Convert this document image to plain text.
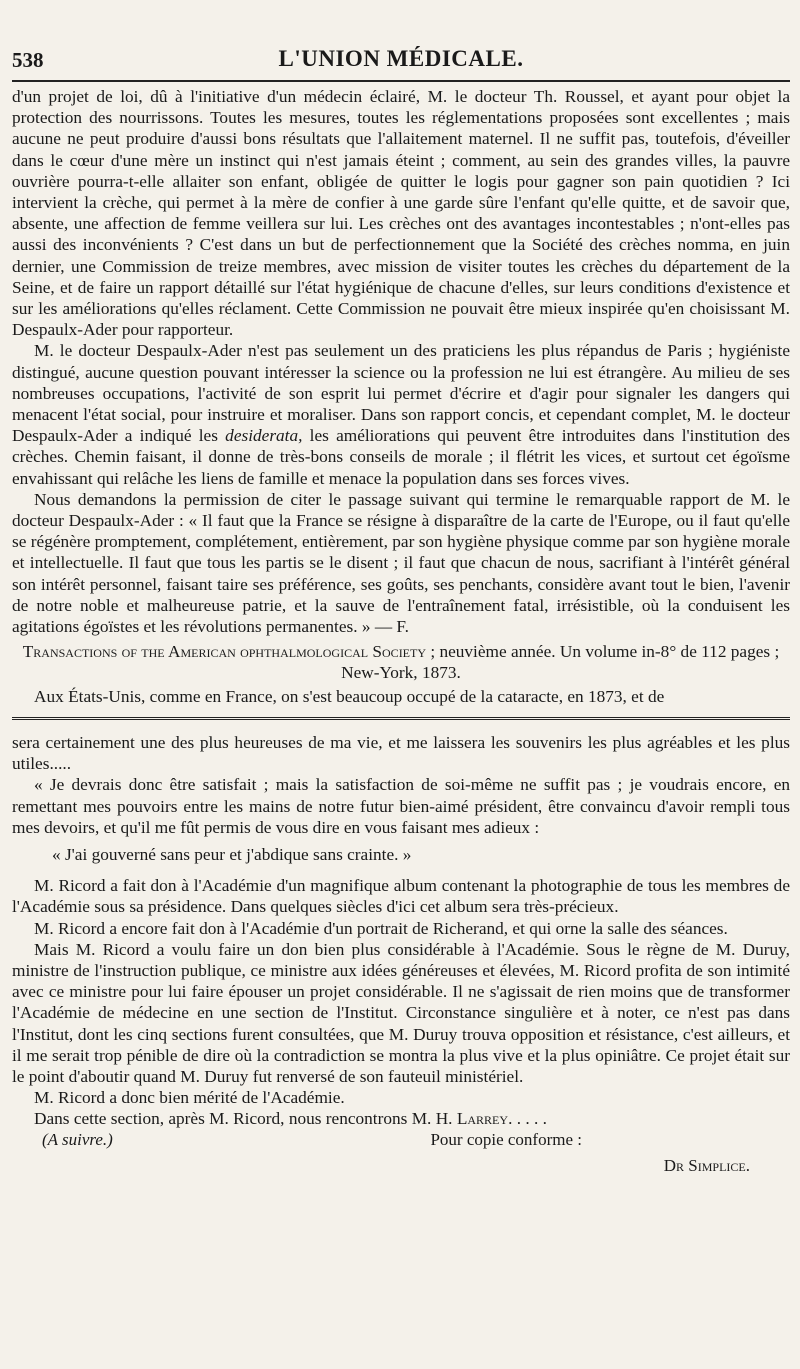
538	L'UNION MÉDICALE.

d'un projet de loi, dû à l'initiative d'un médecin éclairé, M. le docteur Th. Roussel, et ayant pour objet la protection des nourrissons. Toutes les mesures, toutes les réglementations proposées sont excellentes ; mais aucune ne peut produire d'aussi bons résultats que l'allaitement maternel. Il ne suffit pas, toutefois, d'éveiller dans le cœur d'une mère un instinct qui n'est jamais éteint ; comment, au sein des grandes villes, la pauvre ouvrière pourra-t-elle allaiter son enfant, obligée de quitter le logis pour gagner son pain quotidien ? Ici intervient la crèche, qui permet à la mère de confier à une garde sûre l'enfant qu'elle quitte, et de savoir que, absente, une affection de femme veillera sur lui. Les crèches ont des avantages incontestables ; n'ont-elles pas aussi des inconvénients ? C'est dans un but de perfectionnement que la Société des crèches nomma, en juin dernier, une Commission de treize membres, avec mission de visiter toutes les crèches du département de la Seine, et de faire un rapport détaillé sur l'état hygiénique de chacune d'elles, sur leurs conditions d'existence et sur les améliorations qu'elles réclament. Cette Commission ne pouvait être mieux inspirée qu'en choisissant M. Despaulx-Ader pour rapporteur.

M. le docteur Despaulx-Ader n'est pas seulement un des praticiens les plus répandus de Paris ; hygiéniste distingué, aucune question pouvant intéresser la science ou la profession ne lui est étrangère. Au milieu de ses nombreuses occupations, l'activité de son esprit lui permet d'écrire et d'agir pour signaler les dangers qui menacent l'état social, pour instruire et moraliser. Dans son rapport concis, et cependant complet, M. le docteur Despaulx-Ader a indiqué les desiderata, les améliorations qui peuvent être introduites dans l'institution des crèches. Chemin faisant, il donne de très-bons conseils de morale ; il flétrit les vices, et surtout cet égoïsme envahissant qui relâche les liens de famille et menace la population dans ses forces vives.

Nous demandons la permission de citer le passage suivant qui termine le remarquable rapport de M. le docteur Despaulx-Ader : « Il faut que la France se résigne à disparaître de la carte de l'Europe, ou il faut qu'elle se régénère promptement, complétement, entièrement, par son hygiène physique comme par son hygiène morale et intellectuelle. Il faut que tous les partis se le disent ; il faut que chacun de nous, sacrifiant à l'intérêt général son intérêt personnel, faisant taire ses préférence, ses goûts, ses penchants, considère avant tout le bien, l'avenir de notre noble et malheureuse patrie, et la sauve de l'entraînement fatal, irrésistible, où la conduisent les agitations égoïstes et les révolutions permanentes. » — F.

Transactions of the American ophthalmological Society ; neuvième année. Un volume in-8° de 112 pages ; New-York, 1873.

Aux États-Unis, comme en France, on s'est beaucoup occupé de la cataracte, en 1873, et de

sera certainement une des plus heureuses de ma vie, et me laissera les souvenirs les plus agréables et les plus utiles.....

« Je devrais donc être satisfait ; mais la satisfaction de soi-même ne suffit pas ; je voudrais encore, en remettant mes pouvoirs entre les mains de notre futur bien-aimé président, être convaincu d'avoir rempli tous mes devoirs, et qu'il me fût permis de vous dire en vous faisant mes adieux :

« J'ai gouverné sans peur et j'abdique sans crainte. »

M. Ricord a fait don à l'Académie d'un magnifique album contenant la photographie de tous les membres de l'Académie sous sa présidence. Dans quelques siècles d'ici cet album sera très-précieux.

M. Ricord a encore fait don à l'Académie d'un portrait de Richerand, et qui orne la salle des séances.

Mais M. Ricord a voulu faire un don bien plus considérable à l'Académie. Sous le règne de M. Duruy, ministre de l'instruction publique, ce ministre aux idées généreuses et élevées, M. Ricord profita de son intimité avec ce ministre pour lui faire épouser un projet considérable. Il ne s'agissait de rien moins que de transformer l'Académie de médecine en une section de l'Institut. Circonstance singulière et à noter, ce n'est pas dans l'Institut, dont les cinq sections furent consultées, que M. Duruy trouva opposition et résistance, c'est ailleurs, et il me serait trop pénible de dire où la contradiction se montra la plus vive et la plus opiniâtre. Ce projet était sur le point d'aboutir quand M. Duruy fut renversé de son fauteuil ministériel.

M. Ricord a donc bien mérité de l'Académie.

Dans cette section, après M. Ricord, nous rencontrons M. H. Larrey. . . . .

(A suivre.)	Pour copie conforme :
Dr Simplice.
